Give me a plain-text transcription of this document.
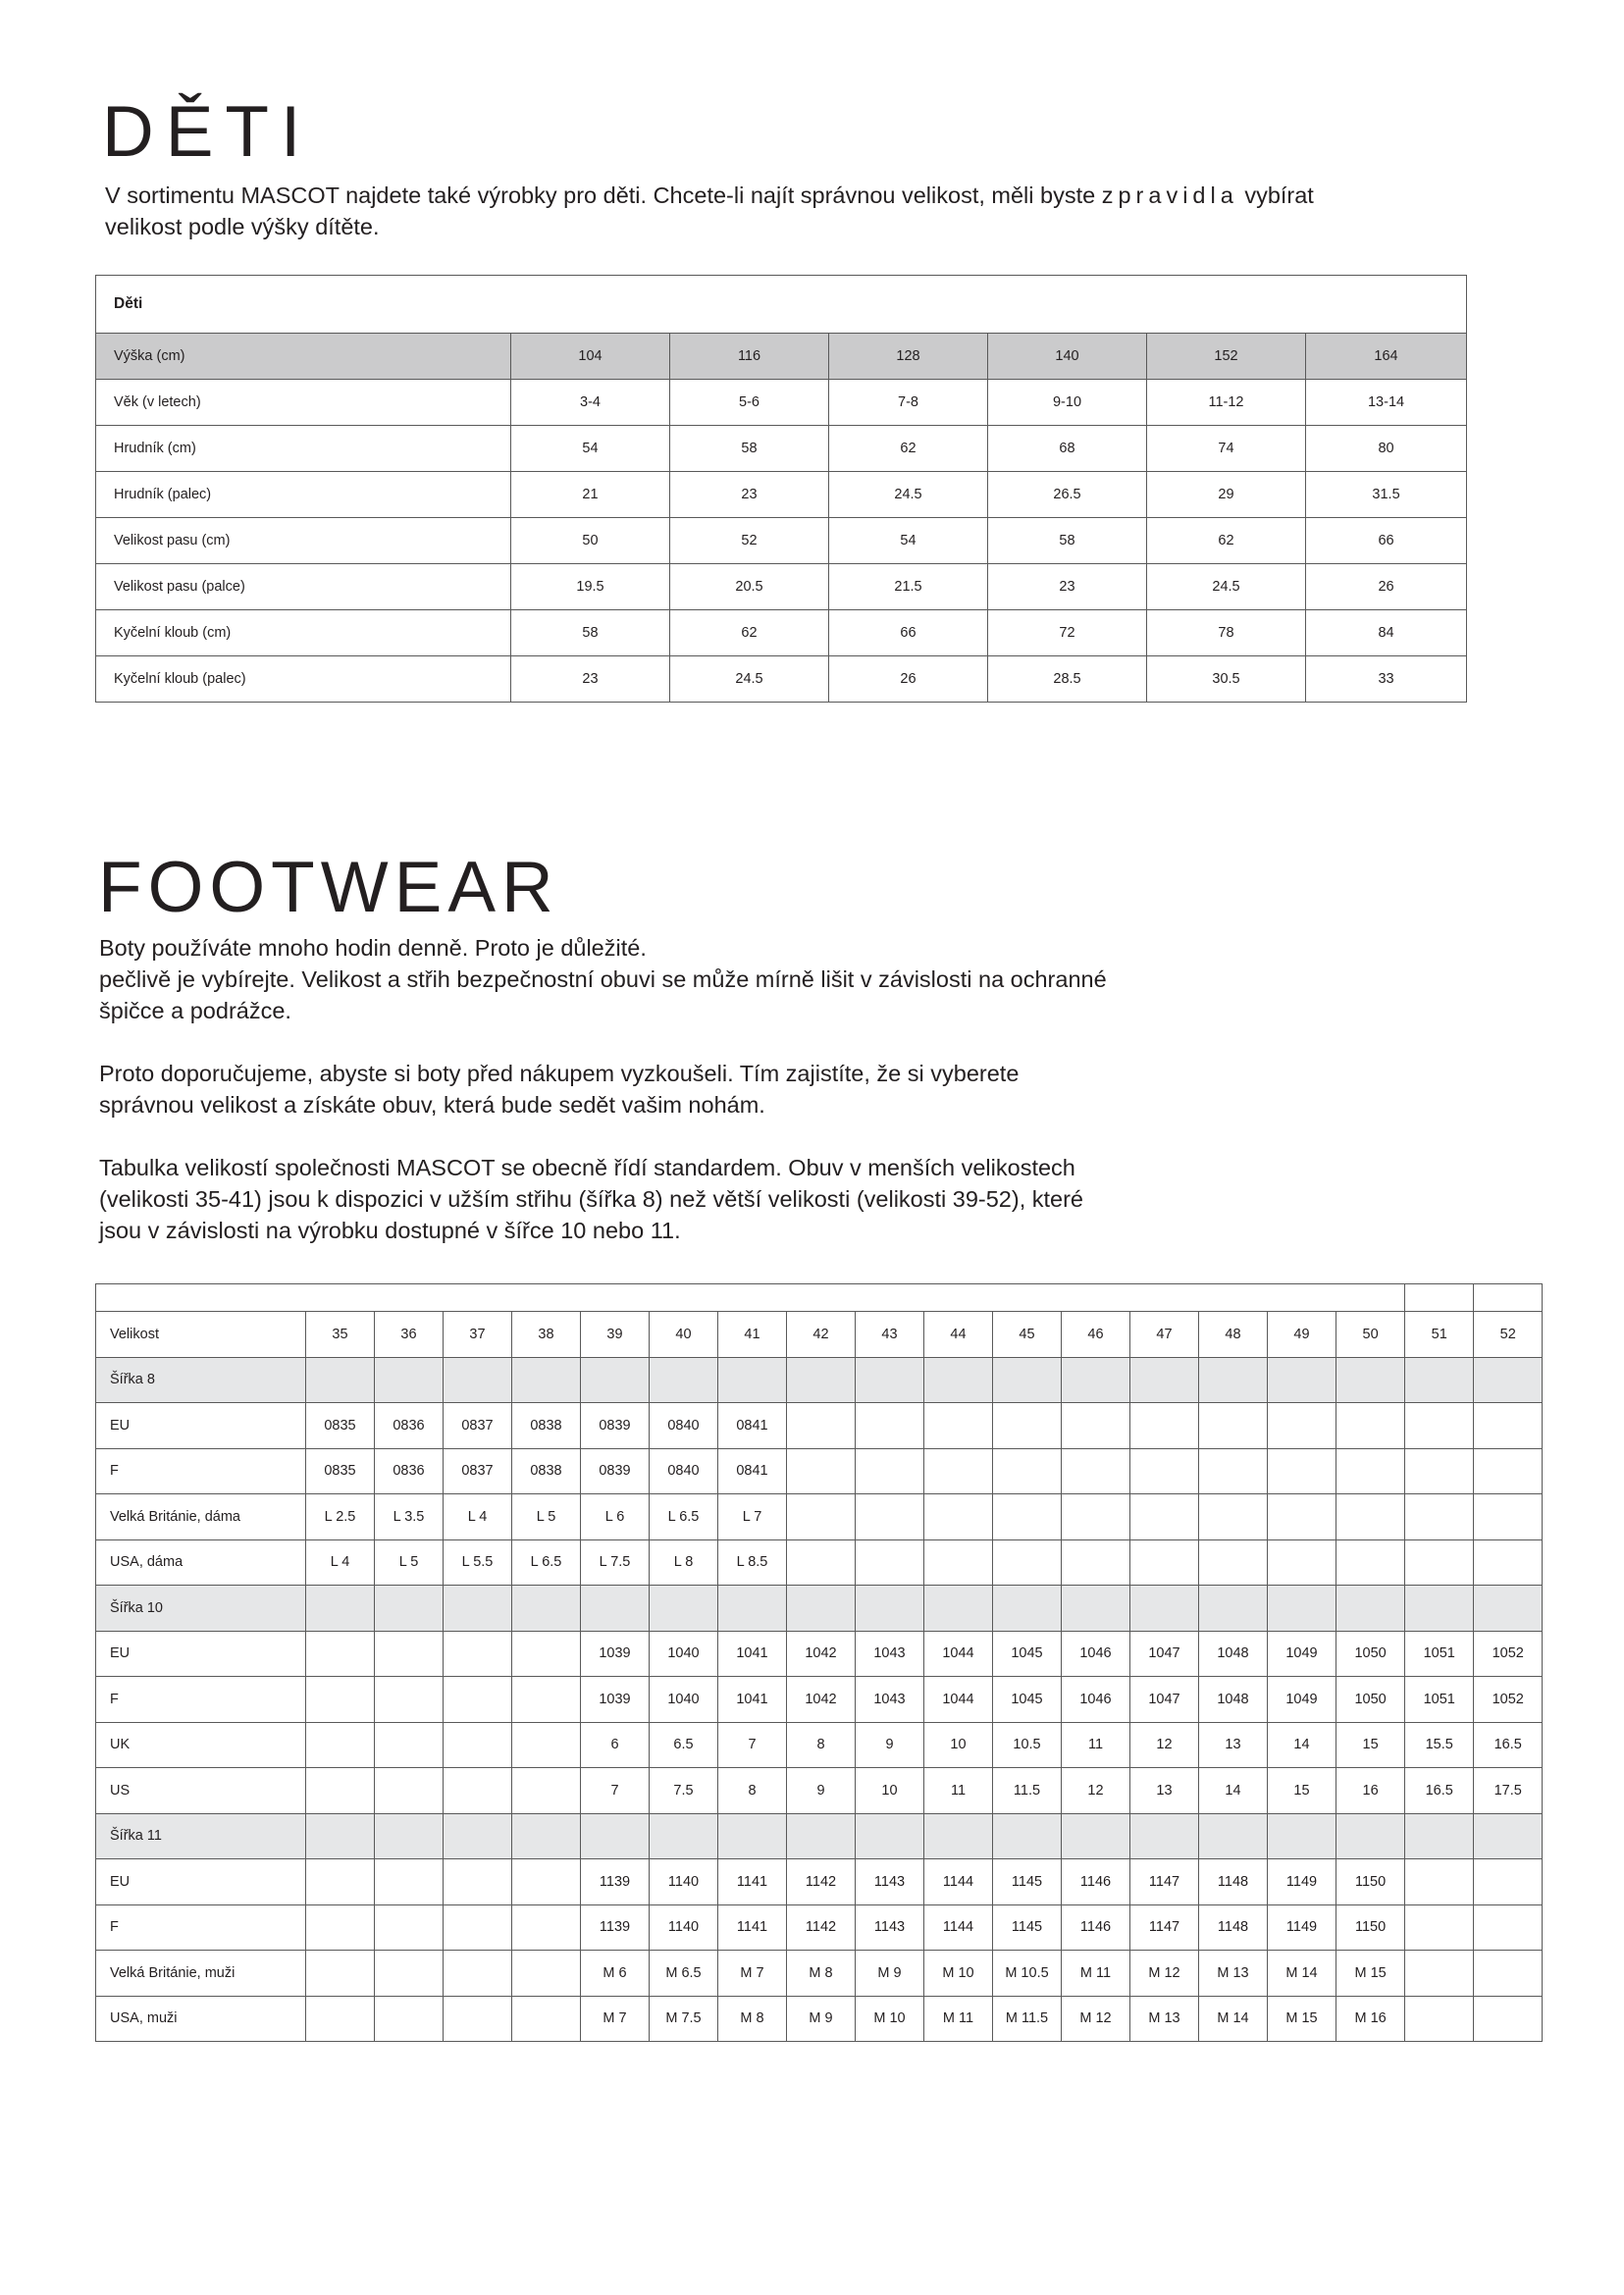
DĚTI
V sortimentu MASCOT najdete také výrobky pro děti. Chcete-li najít správnou velikost, měli byste zpravidla vybírat
velikost podle výšky dítěte.
Děti						
Výška (cm)	104	116	128	140	152	164
Věk (v letech)	3-4	5-6	7-8	9-10	11-12	13-14
Hrudník (cm)	54	58	62	68	74	80
Hrudník (palec)	21	23	24.5	26.5	29	31.5
Velikost pasu (cm)	50	52	54	58	62	66
Velikost pasu (palce)	19.5	20.5	21.5	23	24.5	26
Kyčelní kloub (cm)	58	62	66	72	78	84
Kyčelní kloub (palec)	23	24.5	26	28.5	30.5	33
FOOTWEAR

Boty používáte mnoho hodin denně. Proto je důležité.
pečlivě je vybírejte. Velikost a střih bezpečnostní obuvi se může mírně lišit v závislosti na ochranné
špičce a podrážce.

Proto doporučujeme, abyste si boty před nákupem vyzkoušeli. Tím zajistíte, že si vyberete
správnou velikost a získáte obuv, která bude sedět vašim nohám.

Tabulka velikostí společnosti MASCOT se obecně řídí standardem. Obuv v menších velikostech
(velikosti 35-41) jsou k dispozici v užším střihu (šířka 8) než větší velikosti (velikosti 39-52), které
jsou v závislosti na výrobku dostupné v šířce 10 nebo 11.

Velikost	35	36	37	38	39	40	41	42	43	44	45	46	47	48	49	50	51	52
Šířka 8																		
EU	0835	0836	0837	0838	0839	0840	0841											
F	0835	0836	0837	0838	0839	0840	0841											
Velká Británie, dáma	L 2.5	L 3.5	L 4	L 5	L 6	L 6.5	L 7											
USA, dáma	L 4	L 5	L 5.5	L 6.5	L 7.5	L 8	L 8.5											
Šířka 10																		
EU					1039	1040	1041	1042	1043	1044	1045	1046	1047	1048	1049	1050	1051	1052
F					1039	1040	1041	1042	1043	1044	1045	1046	1047	1048	1049	1050	1051	1052
UK					6	6.5	7	8	9	10	10.5	11	12	13	14	15	15.5	16.5
US					7	7.5	8	9	10	11	11.5	12	13	14	15	16	16.5	17.5
Šířka 11																		
EU					1139	1140	1141	1142	1143	1144	1145	1146	1147	1148	1149	1150		
F					1139	1140	1141	1142	1143	1144	1145	1146	1147	1148	1149	1150		
Velká Británie, muži					M 6	M 6.5	M 7	M 8	M 9	M 10	M 10.5	M 11	M 12	M 13	M 14	M 15		
USA, muži					M 7	M 7.5	M 8	M 9	M 10	M 11	M 11.5	M 12	M 13	M 14	M 15	M 16		
